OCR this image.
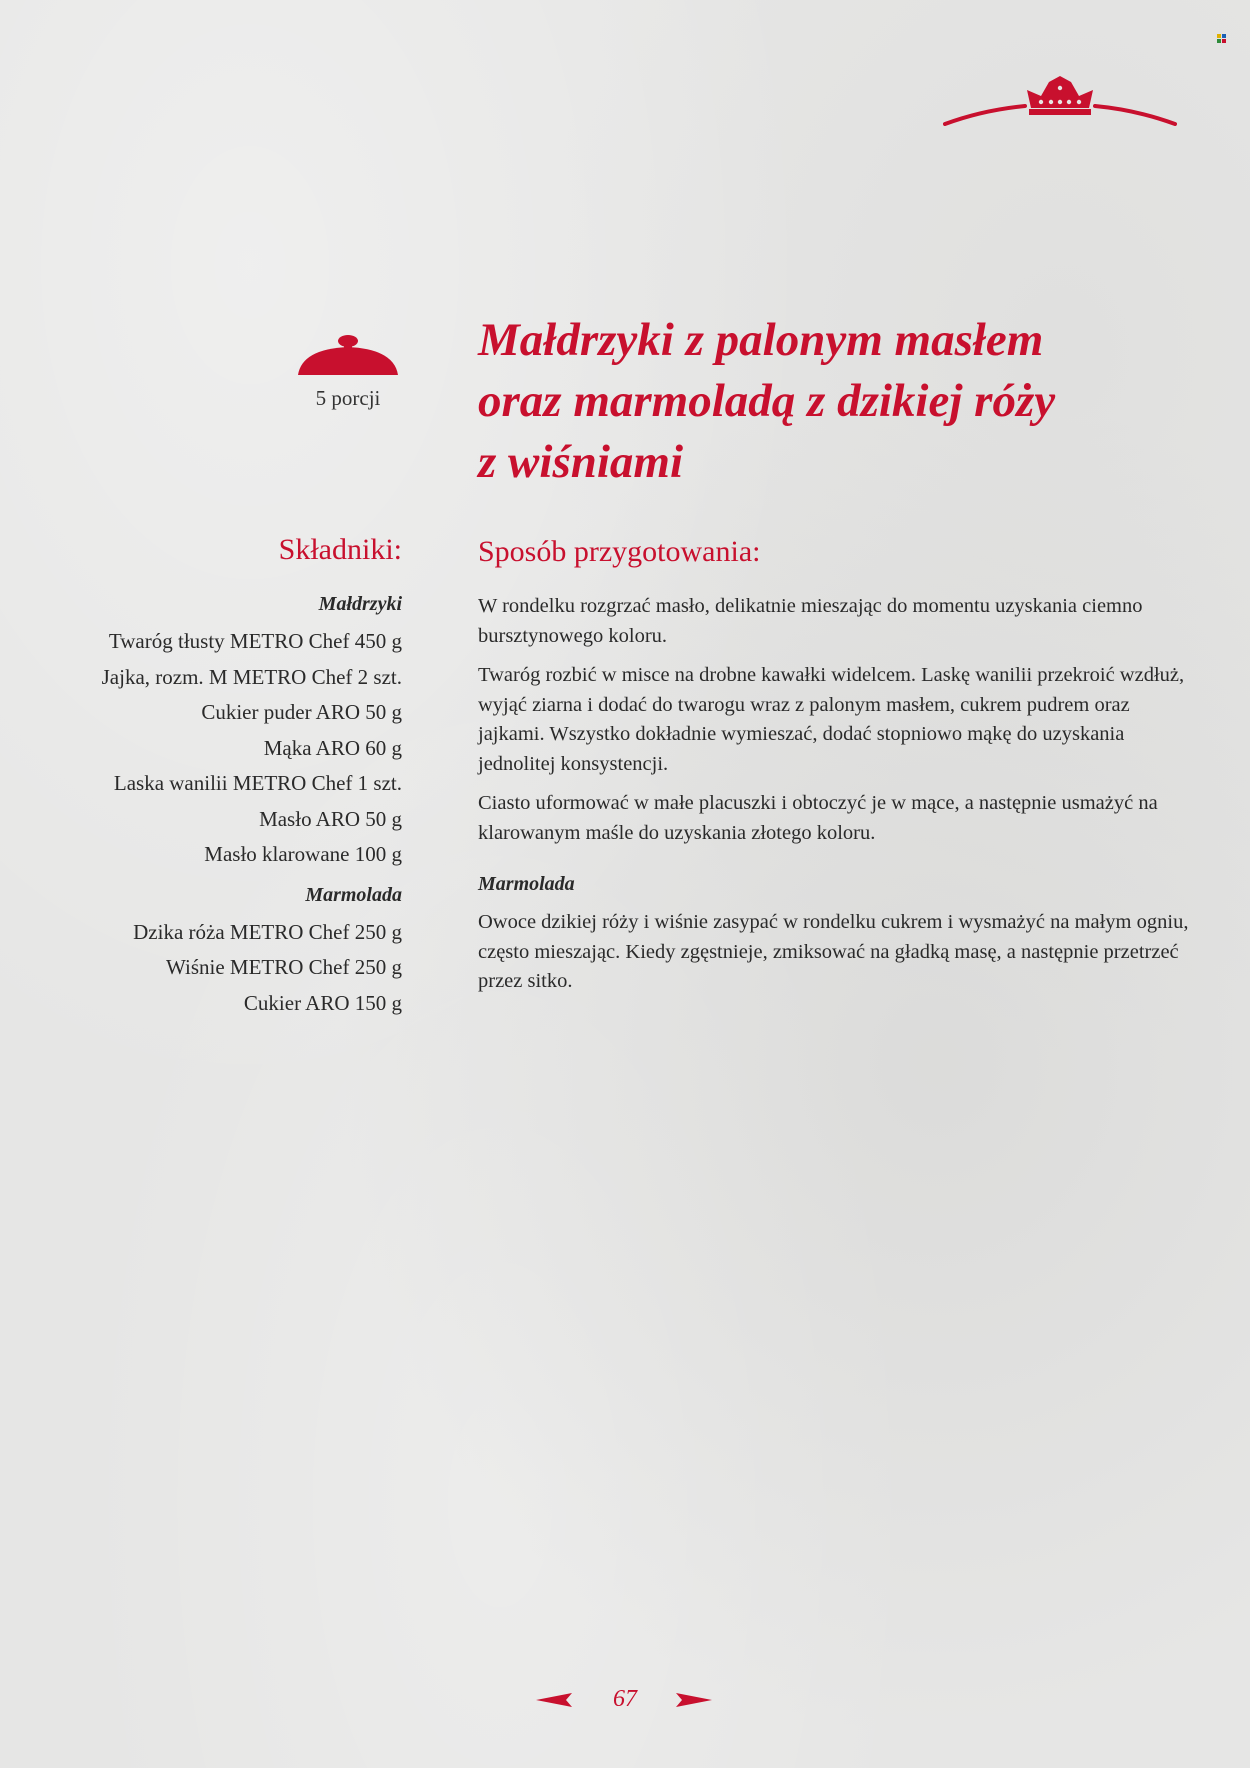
5 porcji
Małdrzyki z palonym masłem
oraz marmoladą z dzikiej róży
z wiśniami
Składniki:
Małdrzyki
Twaróg tłusty METRO Chef 450 g
Jajka, rozm. M METRO Chef 2 szt.
Cukier puder ARO 50 g
Mąka ARO 60 g
Laska wanilii METRO Chef 1 szt.
Masło ARO 50 g
Masło klarowane 100 g
Marmolada
Dzika róża METRO Chef 250 g
Wiśnie METRO Chef 250 g
Cukier ARO 150 g
Sposób przygotowania:

W rondelku rozgrzać masło, delikatnie mieszając do momentu uzyskania ciemno bursztynowego koloru.

Twaróg rozbić w misce na drobne kawałki widelcem. Laskę wanilii przekroić wzdłuż, wyjąć ziarna i dodać do twarogu wraz z palonym masłem, cukrem pudrem oraz jajkami. Wszystko dokładnie wymieszać, dodać stopniowo mąkę do uzyskania jednolitej konsystencji.

Ciasto uformować w małe placuszki i obtoczyć je w mące, a następnie usmażyć na klarowanym maśle do uzyskania złotego koloru.

Marmolada

Owoce dzikiej róży i wiśnie zasypać w rondelku cukrem i wysmażyć na małym ogniu, często mieszając. Kiedy zgęstnieje, zmiksować na gładką masę, a następnie przetrzeć przez sitko.

67
